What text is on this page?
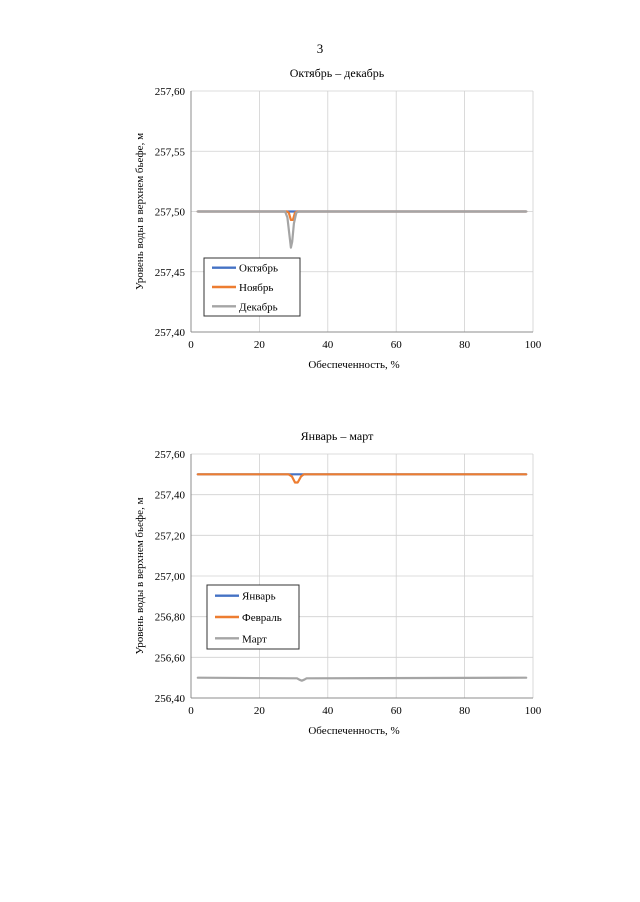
3
Октябрь – декабрь
0	20	40	60	80	100
257,40
257,45
257,50
257,55
257,60
Обеспеченность, %
Уровень воды в верхнем бьефе, м	Октябрь
Ноябрь
Декабрь
Январь – март
0	20	40	60	80	100
256,40
256,60
256,80
257,00
257,20
257,40
257,60
Обеспеченность, %
Уровень воды в верхнем бьефе, м	Январь
Февраль
Март
